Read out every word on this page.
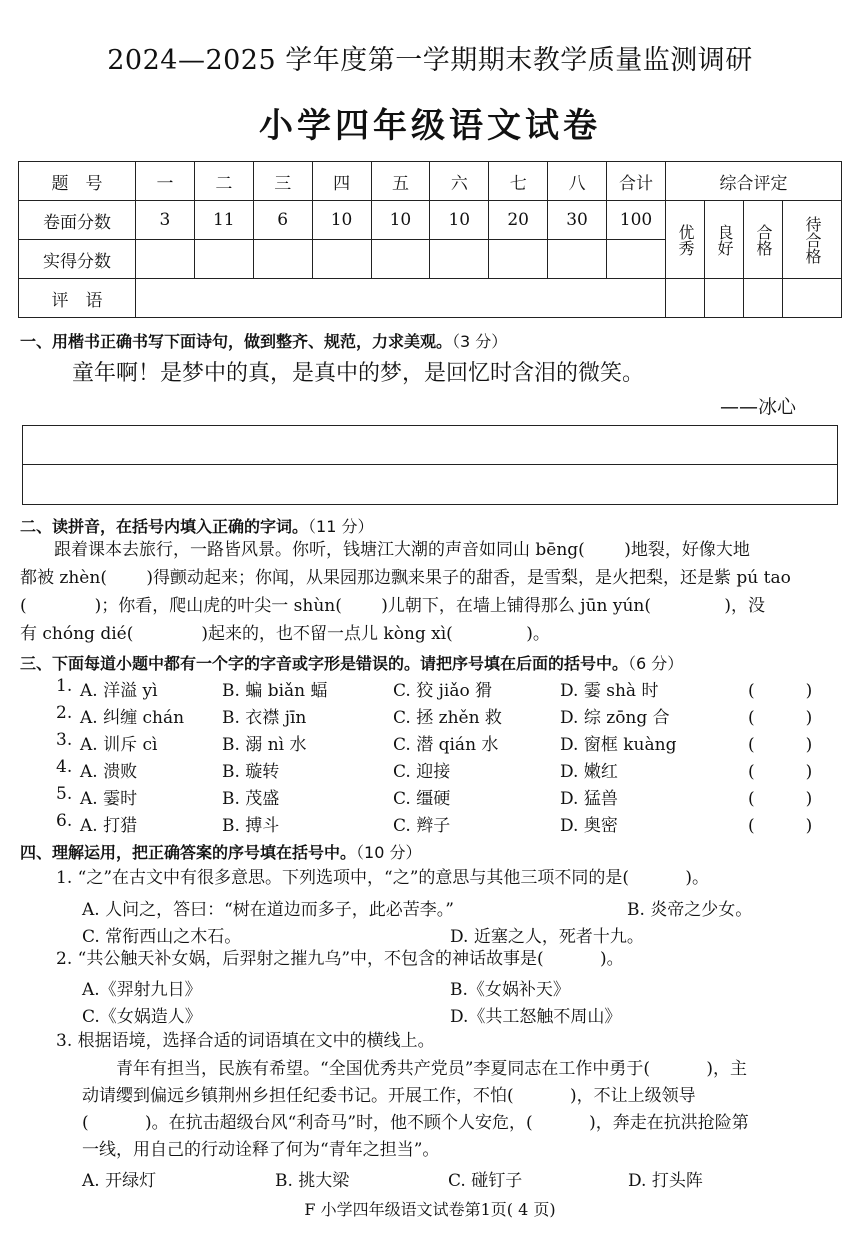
2024—2025 学年度第一学期期末教学质量监测调研
小学四年级语文试卷
题　号	一	二	三	四	五	六	七	八	合计	综合评定			
卷面分数	3	11	6	10	10	10	20	30	100	优秀	良好	合格	待合格
实得分数													
评　语													
一、用楷书正确书写下面诗句，做到整齐、规范，力求美观。（3 分）
童年啊！是梦中的真，是真中的梦，是回忆时含泪的微笑。
——冰心
二、读拼音，在括号内填入正确的字词。（11 分）
　　跟着课本去旅行，一路皆风景。你听，钱塘江大潮的声音如同山 bēng(　　 )地裂，好像大地
都被 zhèn(　　 )得颤动起来；你闻，从果园那边飘来果子的甜香，是雪梨，是火把梨，还是紫 pú tao
(　　　　)；你看，爬山虎的叶尖一 shùn(　　 )儿朝下，在墙上铺得那么 jūn yún(　　　　 )，没
有 chóng dié(　　　　)起来的，也不留一点儿 kòng xì(　　　　 )。
三、下面每道小题中都有一个字的字音或字形是错误的。请把序号填在后面的括号中。（6 分）
1. A. 洋溢 yì	B. 蝙 biǎn 蝠	C. 狡 jiǎo 猾	D. 霎 shà 时	(　　　)
2. A. 纠缠 chán B. 衣襟 jīn	C. 拯 zhěn 救	D. 综 zōng 合	(　　　)
3. A. 训斥 cì	B. 溺 nì 水	C. 潜 qián 水	D. 窗框 kuàng	(　　　)
4. A. 溃败	B. 璇转	C. 迎接	D. 嫩红	(　　　)
5. A. 霎时	B. 茂盛	C. 缰硬	D. 猛兽	(　　　)
6. A. 打猎	B. 搏斗	C. 辫子	D. 奥密	(　　　)
四、理解运用，把正确答案的序号填在括号中。（10 分）
1. “之”在古文中有很多意思。下列选项中，“之”的意思与其他三项不同的是(　　　 )。
A. 人问之，答曰：“树在道边而多子，此必苦李。”	B. 炎帝之少女。
C. 常衔西山之木石。	D. 近塞之人，死者十九。
2. “共公触天补女娲，后羿射之摧九乌”中，不包含的神话故事是(　　　 )。
A.《羿射九日》	B.《女娲补天》
C.《女娲造人》	D.《共工怒触不周山》
3. 根据语境，选择合适的词语填在文中的横线上。
　　青年有担当，民族有希望。“全国优秀共产党员”李夏同志在工作中勇于(　　　 )，主
动请缨到偏远乡镇荆州乡担任纪委书记。开展工作，不怕(　　　 )，不让上级领导
(　　　 )。在抗击超级台风“利奇马”时，他不顾个人安危，(　　　 )，奔走在抗洪抢险第
一线，用自己的行动诠释了何为“青年之担当”。
A. 开绿灯	B. 挑大梁	C. 碰钉子	D. 打头阵
F 小学四年级语文试卷第1页( 4 页)
